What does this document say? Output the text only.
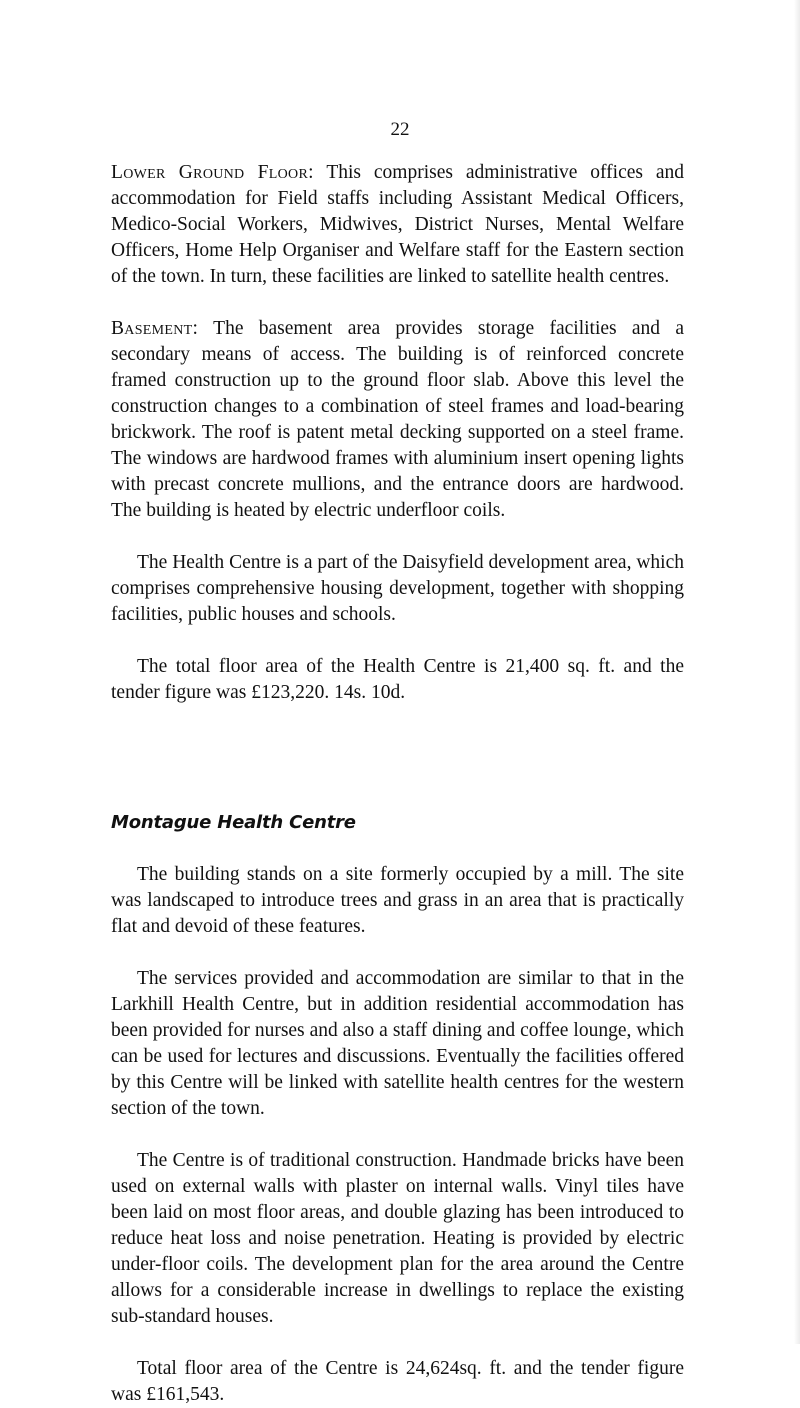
22

Lower Ground Floor: This comprises administrative offices and accommodation for Field staffs including Assistant Medical Officers, Medico-Social Workers, Midwives, District Nurses, Mental Welfare Officers, Home Help Organiser and Welfare staff for the Eastern section of the town. In turn, these facilities are linked to satellite health centres.

Basement: The basement area provides storage facilities and a secondary means of access. The building is of reinforced concrete framed construction up to the ground floor slab. Above this level the construction changes to a combination of steel frames and load-bearing brickwork. The roof is patent metal decking supported on a steel frame. The windows are hardwood frames with aluminium insert opening lights with precast concrete mullions, and the entrance doors are hardwood. The building is heated by electric underfloor coils.

The Health Centre is a part of the Daisyfield development area, which comprises comprehensive housing development, together with shopping facilities, public houses and schools.

The total floor area of the Health Centre is 21,400 sq. ft. and the tender figure was £123,220. 14s. 10d.

Montague Health Centre

The building stands on a site formerly occupied by a mill. The site was landscaped to introduce trees and grass in an area that is practically flat and devoid of these features.

The services provided and accommodation are similar to that in the Larkhill Health Centre, but in addition residential accommodation has been provided for nurses and also a staff dining and coffee lounge, which can be used for lectures and discussions. Eventually the facilities offered by this Centre will be linked with satellite health centres for the western section of the town.

The Centre is of traditional construction. Handmade bricks have been used on external walls with plaster on internal walls. Vinyl tiles have been laid on most floor areas, and double glazing has been introduced to reduce heat loss and noise penetration. Heating is provided by electric under-floor coils. The development plan for the area around the Centre allows for a considerable increase in dwellings to replace the existing sub-standard houses.

Total floor area of the Centre is 24,624sq. ft. and the tender figure was £161,543.
